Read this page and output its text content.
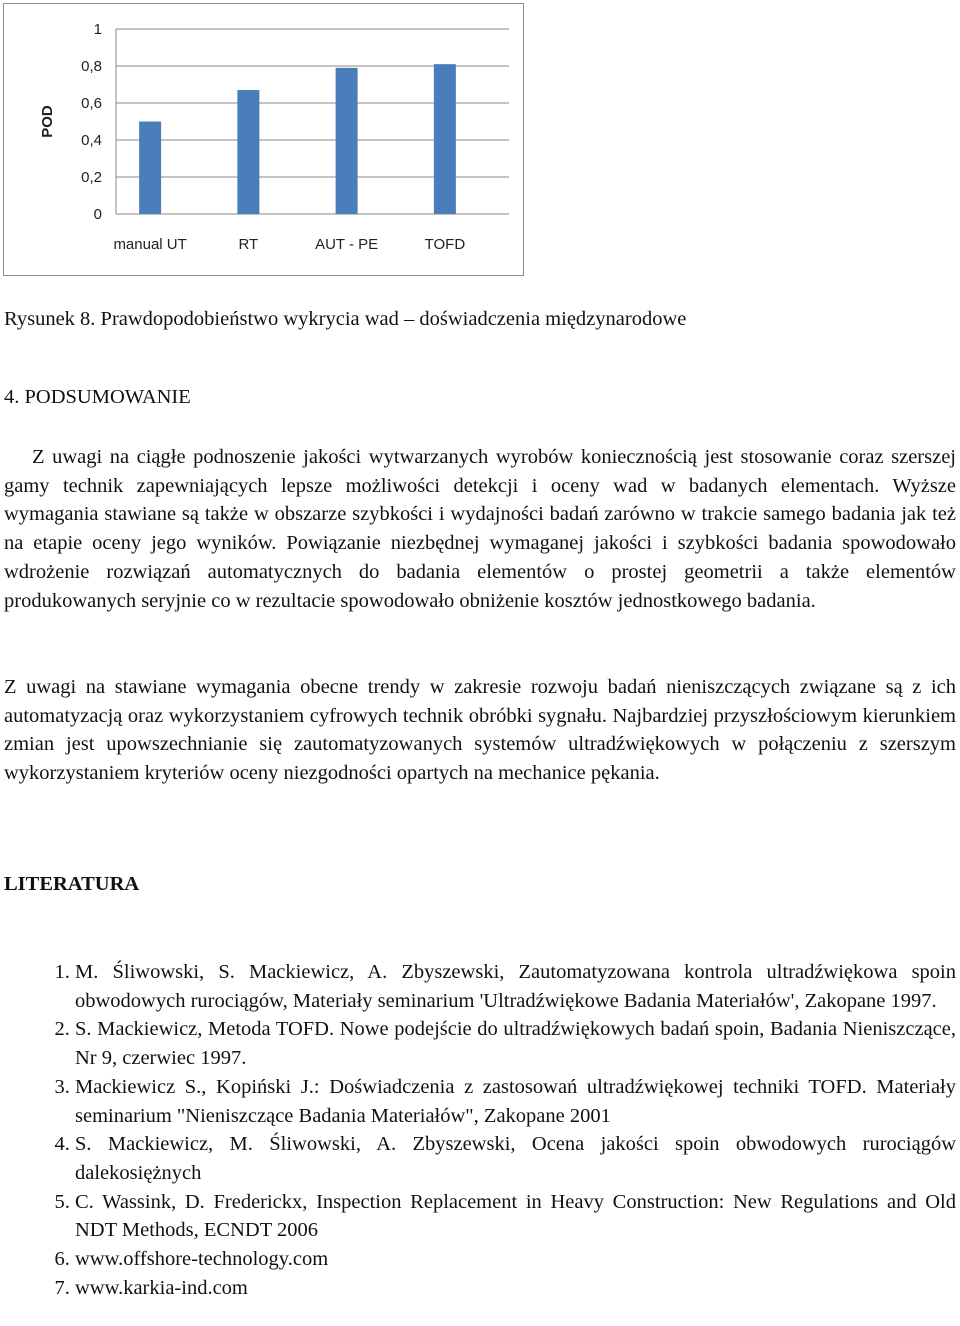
1
0,8
0,6
0,4
0,2
0
POD
manual UT	RT	AUT - PE	TOFD
Rysunek 8. Prawdopodobieństwo wykrycia wad – doświadczenia międzynarodowe
4. PODSUMOWANIE
Z uwagi na ciągłe podnoszenie jakości wytwarzanych wyrobów koniecznością jest stosowanie coraz szerszej gamy technik zapewniających lepsze możliwości detekcji i oceny wad w badanych elementach. Wyższe wymagania stawiane są także w obszarze szybkości i wydajności badań zarówno w trakcie samego badania jak też na etapie oceny jego wyników. Powiązanie niezbędnej wymaganej jakości i szybkości badania spowodowało wdrożenie rozwiązań automatycznych do badania elementów o prostej geometrii a także elementów produkowanych seryjnie co w rezultacie spowodowało obniżenie kosztów jednostkowego badania.
Z uwagi na stawiane wymagania obecne trendy w zakresie rozwoju badań nieniszczących związane są z ich automatyzacją oraz wykorzystaniem cyfrowych technik obróbki sygnału. Najbardziej przyszłościowym kierunkiem zmian jest upowszechnianie się zautomatyzowanych systemów ultradźwiękowych w połączeniu z szerszym wykorzystaniem kryteriów oceny niezgodności opartych na mechanice pękania.
LITERATURA
1. M. Śliwowski, S. Mackiewicz, A. Zbyszewski, Zautomatyzowana kontrola ultradźwiękowa spoin obwodowych rurociągów, Materiały seminarium 'Ultradźwiękowe Badania Materiałów', Zakopane 1997.
2. S. Mackiewicz, Metoda TOFD. Nowe podejście do ultradźwiękowych badań spoin, Badania Nieniszczące, Nr 9, czerwiec 1997.
3. Mackiewicz S., Kopiński J.: Doświadczenia z zastosowań ultradźwiękowej techniki TOFD. Materiały seminarium "Nieniszczące Badania Materiałów", Zakopane 2001
4. S. Mackiewicz, M. Śliwowski, A. Zbyszewski, Ocena jakości spoin obwodowych rurociągów dalekosiężnych
5. C. Wassink, D. Frederickx, Inspection Replacement in Heavy Construction: New Regulations and Old NDT Methods, ECNDT 2006
6. www.offshore-technology.com
7. www.karkia-ind.com
